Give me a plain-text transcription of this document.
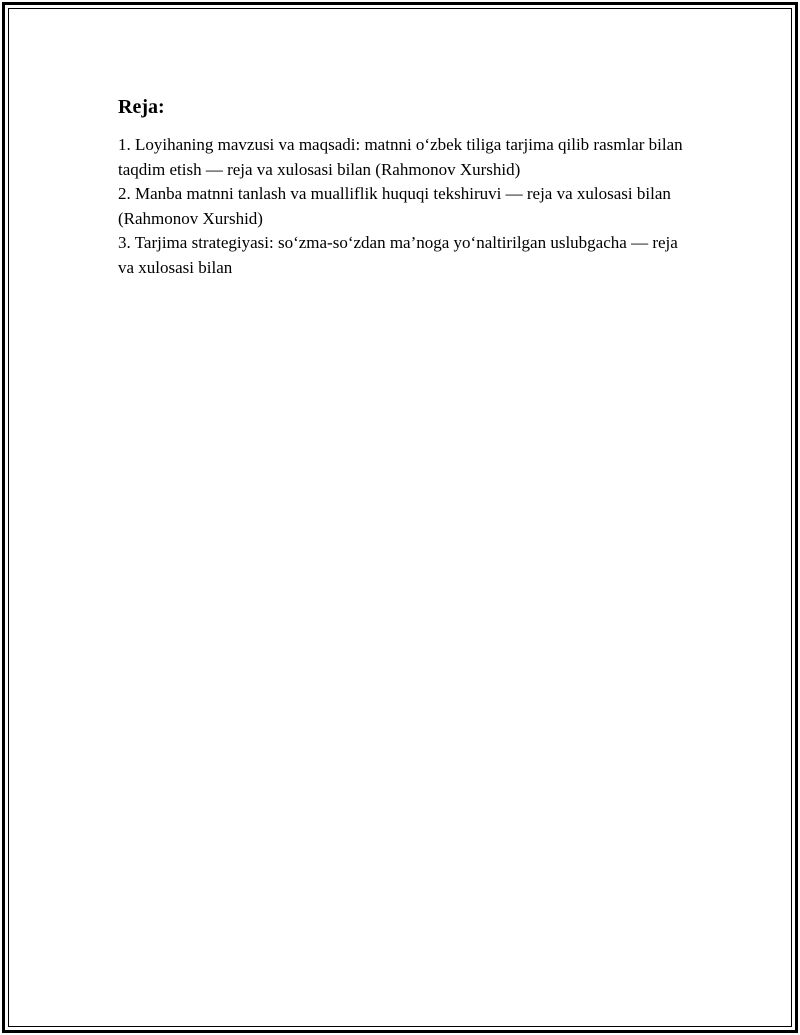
Reja:
1. Loyihaning mavzusi va maqsadi: matnni o‘zbek tiliga tarjima qilib rasmlar bilan taqdim etish — reja va xulosasi bilan (Rahmonov Xurshid)
2. Manba matnni tanlash va mualliflik huquqi tekshiruvi — reja va xulosasi bilan (Rahmonov Xurshid)
3. Tarjima strategiyasi: so‘zma-so‘zdan ma’noga yo‘naltirilgan uslubgacha — reja va xulosasi bilan
